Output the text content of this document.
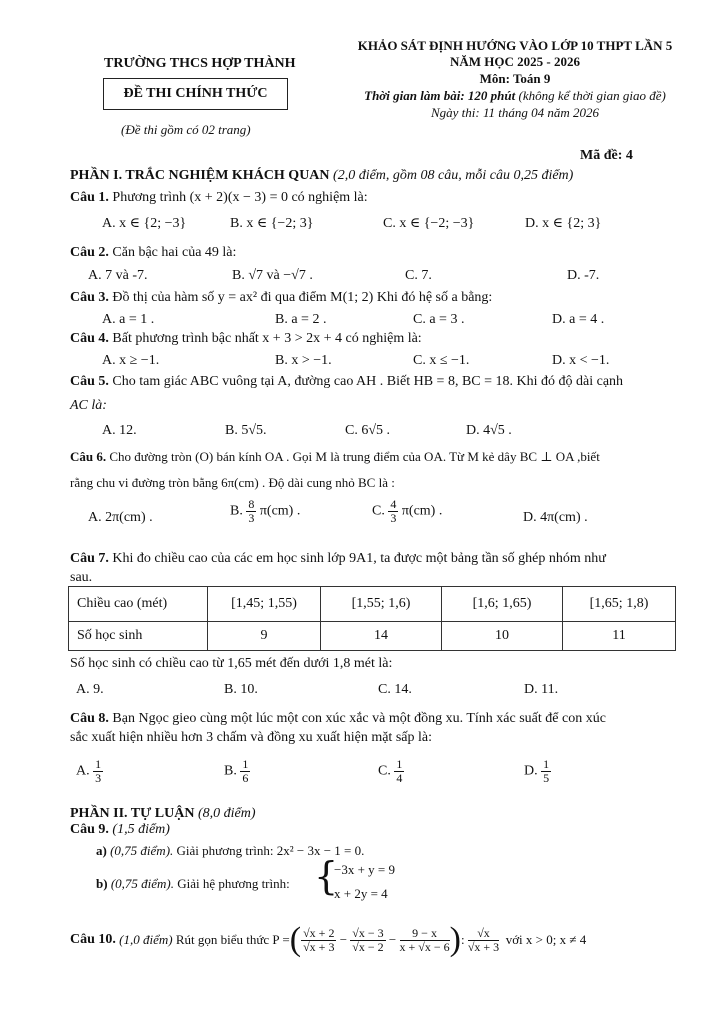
TRƯỜNG THCS HỢP THÀNH
ĐỀ THI CHÍNH THỨC
(Đề thi gồm có 02 trang)
KHẢO SÁT ĐỊNH HƯỚNG VÀO LỚP 10 THPT LẦN 5
NĂM HỌC 2025 - 2026
Môn: Toán 9
Thời gian làm bài: 120 phút (không kể thời gian giao đề)
Ngày thi: 11 tháng 04 năm 2026
Mã đề: 4
PHẦN I. TRẮC NGHIỆM KHÁCH QUAN (2,0 điểm, gồm 08 câu, mỗi câu 0,25 điểm)
Câu 1. Phương trình (x + 2)(x − 3) = 0 có nghiệm là:
A. x ∈ {2; −3}	B. x ∈ {−2; 3}	C. x ∈ {−2; −3}	D. x ∈ {2; 3}
Câu 2. Căn bậc hai của 49 là:
A. 7 và -7.	B. √7 và −√7 .	C. 7.	D. -7.
Câu 3. Đồ thị của hàm số y = ax² đi qua điểm M(1; 2) Khi đó hệ số a bằng:
A. a = 1 .	B. a = 2 .	C. a = 3 .	D. a = 4 .
Câu 4. Bất phương trình bậc nhất x + 3 > 2x + 4 có nghiệm là:
A. x ≥ −1.	B. x > −1.	C. x ≤ −1.	D. x < −1.
Câu 5. Cho tam giác ABC vuông tại A, đường cao AH . Biết HB = 8, BC = 18. Khi đó độ dài cạnh
AC là:
A. 12.	B. 5√5.	C. 6√5 .	D. 4√5 .
Câu 6. Cho đường tròn (O) bán kính OA . Gọi M là trung điểm của OA. Từ M kẻ dây BC ⊥ OA ,biết
rằng chu vi đường tròn bằng 6π(cm) . Độ dài cung nhỏ BC là :
A. 2π(cm) .	B. $\frac{8}{3} \pi(cm)$ .	C. $\frac{4}{3} \pi(cm)$ .	D. 4π(cm) .
Câu 7. Khi đo chiều cao của các em học sinh lớp 9A1, ta được một bảng tần số ghép nhóm như
sau.
Chiều cao (mét)	[1,45; 1,55)	[1,55; 1,6)	[1,6; 1,65)	[1,65; 1,8)
Số học sinh	9	14	10	11
Số học sinh có chiều cao từ 1,65 mét đến dưới 1,8 mét là:
A. 9.	B. 10.	C. 14.	D. 11.
Câu 8. Bạn Ngọc gieo cùng một lúc một con xúc xắc và một đồng xu. Tính xác suất để con xúc
sắc xuất hiện nhiều hơn 3 chấm và đồng xu xuất hiện mặt sấp là:
A. $\frac{1}{3}$	B. $\frac{1}{6}$	C. $\frac{1}{4}$	D. $\frac{1}{5}$
PHẦN II. TỰ LUẬN (8,0 điểm)
Câu 9. (1,5 điểm)
a) (0,75 điểm). Giải phương trình: 2x² − 3x − 1 = 0.
b) (0,75 điểm). Giải hệ phương trình: {
−3x + y = 9
x + 2y = 4
Câu 10.
(1,0 điểm)
Rút gọn biểu thức P = ( $\frac{√x + 2}{√x + 3} - \frac{√x - 3}{√x - 2} - \frac{9 - x}{x + √x - 6}$ ) : $\frac{√x}{√x + 3}$
với x > 0; x ≠ 4
